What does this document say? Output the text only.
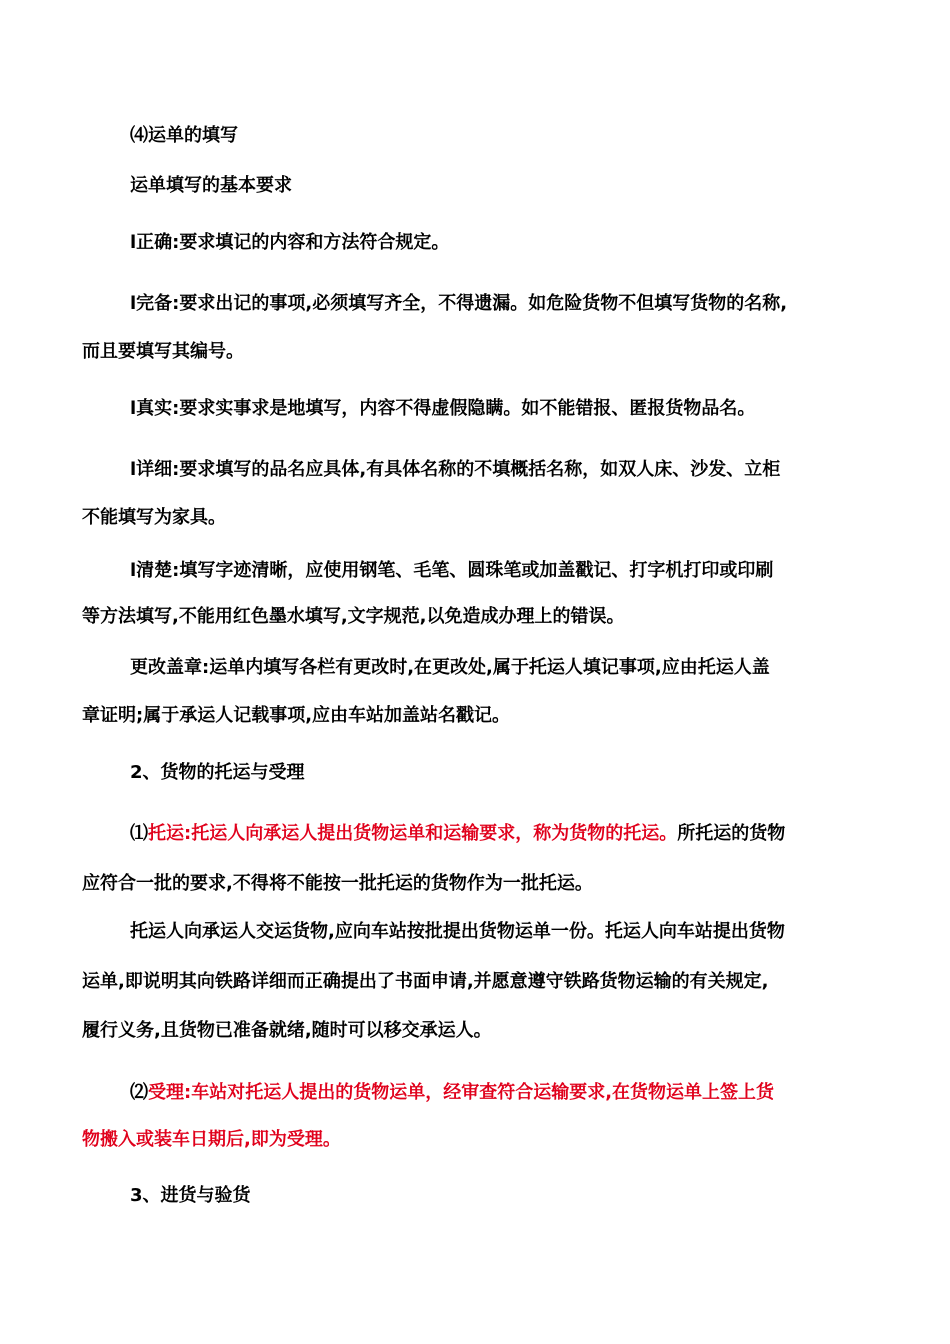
⑷运单的填写
运单填写的基本要求
l正确:要求填记的内容和方法符合规定。
l完备:要求出记的事项,必须填写齐全，不得遗漏。如危险货物不但填写货物的名称,
而且要填写其编号。
l真实:要求实事求是地填写，内容不得虚假隐瞒。如不能错报、匿报货物品名。
l详细:要求填写的品名应具体,有具体名称的不填概括名称，如双人床、沙发、立柜
不能填写为家具。
l清楚:填写字迹清晰，应使用钢笔、毛笔、圆珠笔或加盖戳记、打字机打印或印刷
等方法填写,不能用红色墨水填写,文字规范,以免造成办理上的错误。
更改盖章:运单内填写各栏有更改时,在更改处,属于托运人填记事项,应由托运人盖
章证明;属于承运人记载事项,应由车站加盖站名戳记。
2、货物的托运与受理
⑴托运:托运人向承运人提出货物运单和运输要求，称为货物的托运。所托运的货物
应符合一批的要求,不得将不能按一批托运的货物作为一批托运。
托运人向承运人交运货物,应向车站按批提出货物运单一份。托运人向车站提出货物
运单,即说明其向铁路详细而正确提出了书面申请,并愿意遵守铁路货物运输的有关规定,
履行义务,且货物已准备就绪,随时可以移交承运人。
⑵受理:车站对托运人提出的货物运单，经审查符合运输要求,在货物运单上签上货
物搬入或装车日期后,即为受理。
3、进货与验货
